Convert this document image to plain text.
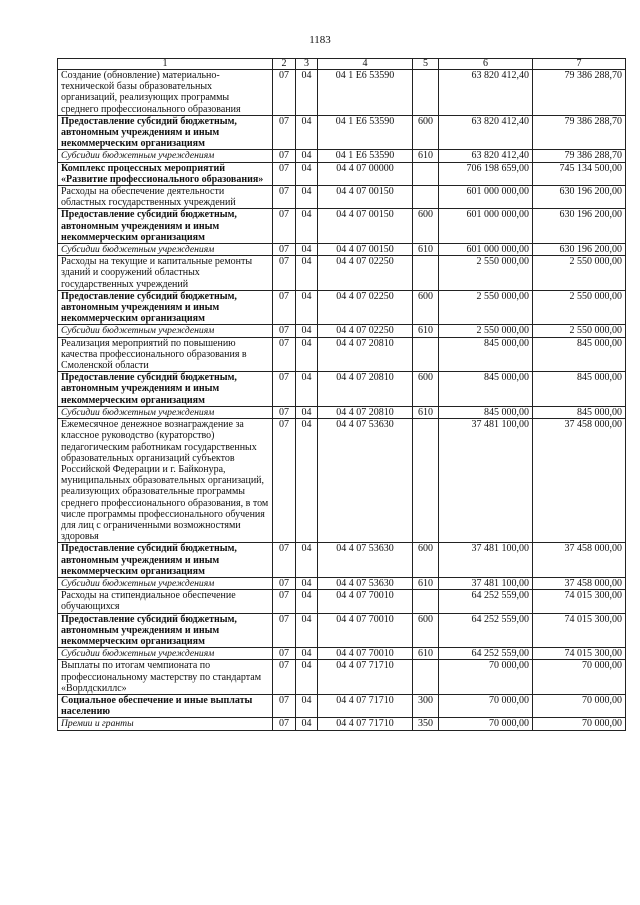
1183
1	2	3	4	5	6	7
Создание (обновление) материально-технической базы образовательных организаций, реализующих программы среднего профессионального образования	07	04	04 1 Е6 53590		63 820 412,40	79 386 288,70
Предоставление субсидий бюджетным, автономным учреждениям и иным некоммерческим организациям	07	04	04 1 Е6 53590	600	63 820 412,40	79 386 288,70
Субсидии бюджетным учреждениям	07	04	04 1 Е6 53590	610	63 820 412,40	79 386 288,70
Комплекс процессных мероприятий «Развитие профессионального образования»	07	04	04 4 07 00000		706 198 659,00	745 134 500,00
Расходы на обеспечение деятельности областных государственных учреждений	07	04	04 4 07 00150		601 000 000,00	630 196 200,00
Предоставление субсидий бюджетным, автономным учреждениям и иным некоммерческим организациям	07	04	04 4 07 00150	600	601 000 000,00	630 196 200,00
Субсидии бюджетным учреждениям	07	04	04 4 07 00150	610	601 000 000,00	630 196 200,00
Расходы на текущие и капитальные ремонты зданий и сооружений областных государственных учреждений	07	04	04 4 07 02250		2 550 000,00	2 550 000,00
Предоставление субсидий бюджетным, автономным учреждениям и иным некоммерческим организациям	07	04	04 4 07 02250	600	2 550 000,00	2 550 000,00
Субсидии бюджетным учреждениям	07	04	04 4 07 02250	610	2 550 000,00	2 550 000,00
Реализация мероприятий по повышению качества профессионального образования в Смоленской области	07	04	04 4 07 20810		845 000,00	845 000,00
Предоставление субсидий бюджетным, автономным учреждениям и иным некоммерческим организациям	07	04	04 4 07 20810	600	845 000,00	845 000,00
Субсидии бюджетным учреждениям	07	04	04 4 07 20810	610	845 000,00	845 000,00
Ежемесячное денежное вознаграждение за классное руководство (кураторство) педагогическим работникам государственных образовательных организаций субъектов Российской Федерации и г. Байконура, муниципальных образовательных организаций, реализующих образовательные программы среднего профессионального образования, в том числе программы профессионального обучения для лиц с ограниченными возможностями здоровья	07	04	04 4 07 53630		37 481 100,00	37 458 000,00
Предоставление субсидий бюджетным, автономным учреждениям и иным некоммерческим организациям	07	04	04 4 07 53630	600	37 481 100,00	37 458 000,00
Субсидии бюджетным учреждениям	07	04	04 4 07 53630	610	37 481 100,00	37 458 000,00
Расходы на стипендиальное обеспечение обучающихся	07	04	04 4 07 70010		64 252 559,00	74 015 300,00
Предоставление субсидий бюджетным, автономным учреждениям и иным некоммерческим организациям	07	04	04 4 07 70010	600	64 252 559,00	74 015 300,00
Субсидии бюджетным учреждениям	07	04	04 4 07 70010	610	64 252 559,00	74 015 300,00
Выплаты по итогам чемпионата по профессиональному мастерству по стандартам «Ворлдскиллс»	07	04	04 4 07 71710		70 000,00	70 000,00
Социальное обеспечение и иные выплаты населению	07	04	04 4 07 71710	300	70 000,00	70 000,00
Премии и гранты	07	04	04 4 07 71710	350	70 000,00	70 000,00
